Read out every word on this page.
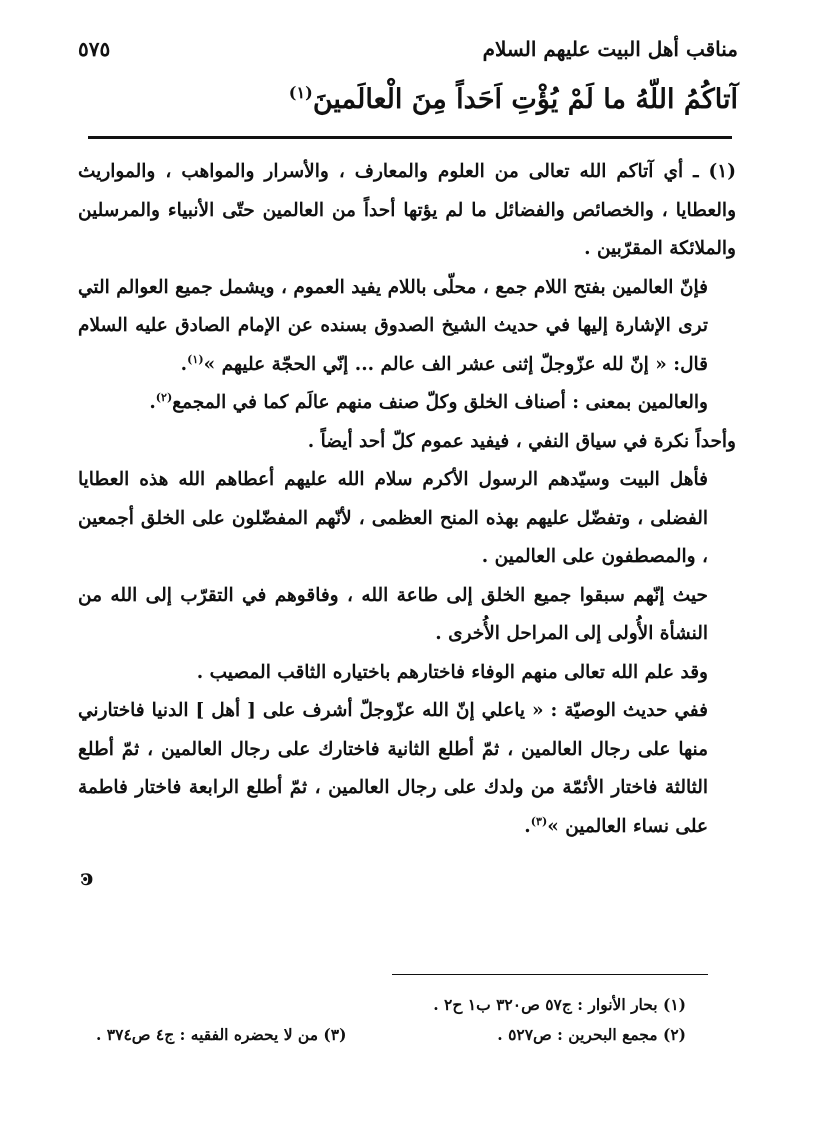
مناقب أهل البيت عليهم السلام
٥٧٥
آتاكُمُ اللّهُ ما لَمْ يُؤْتِ اَحَداً مِنَ الْعالَمينَ$^{(١)}$

(١) ـ أي آتاكم الله تعالى من العلوم والمعارف ، والأسرار والمواهب ، والمواريث والعطايا ، والخصائص والفضائل ما لم يؤتها أحداً من العالمين حتّى الأنبياء والمرسلين والملائكة المقرّبين .

فإنّ العالمين بفتح اللام جمع ، محلّى باللام يفيد العموم ، ويشمل جميع العوالم التي ترى الإشارة إليها في حديث الشيخ الصدوق بسنده عن الإمام الصادق عليه السلام قال: « إنّ لله عزّوجلّ إثنى عشر الف عالم ... إنّي الحجّة عليهم »$^{(١)}$.

والعالمين بمعنى : أصناف الخلق وكلّ صنف منهم عالَم كما في المجمع$^{(٢)}$.

وأحداً نكرة في سياق النفي ، فيفيد عموم كلّ أحد أيضاً .

فأهل البيت وسيّدهم الرسول الأكرم سلام الله عليهم أعطاهم الله هذه العطايا الفضلى ، وتفضّل عليهم بهذه المنح العظمى ، لأنّهم المفضّلون على الخلق أجمعين ، والمصطفون على العالمين .

حيث إنّهم سبقوا جميع الخلق إلى طاعة الله ، وفاقوهم في التقرّب إلى الله من النشأة الأُولى إلى المراحل الأُخرى .

وقد علم الله تعالى منهم الوفاء فاختارهم باختياره الثاقب المصيب .

ففي حديث الوصيّة : « ياعلي إنّ الله عزّوجلّ أشرف على [ أهل ] الدنيا فاختارني منها على رجال العالمين ، ثمّ أطلع الثانية فاختارك على رجال العالمين ، ثمّ أطلع الثالثة فاختار الأئمّة من ولدك على رجال العالمين ، ثمّ أطلع الرابعة فاختار فاطمة على نساء العالمين »$^{(٣)}$.

ꜿ
(١) بحار الأنوار : ج٥٧ ص٣٢٠ ب١ ح٢ .
(٢) مجمع البحرين : ص٥٢٧ .
(٣) من لا يحضره الفقيه : ج٤ ص٣٧٤ .
